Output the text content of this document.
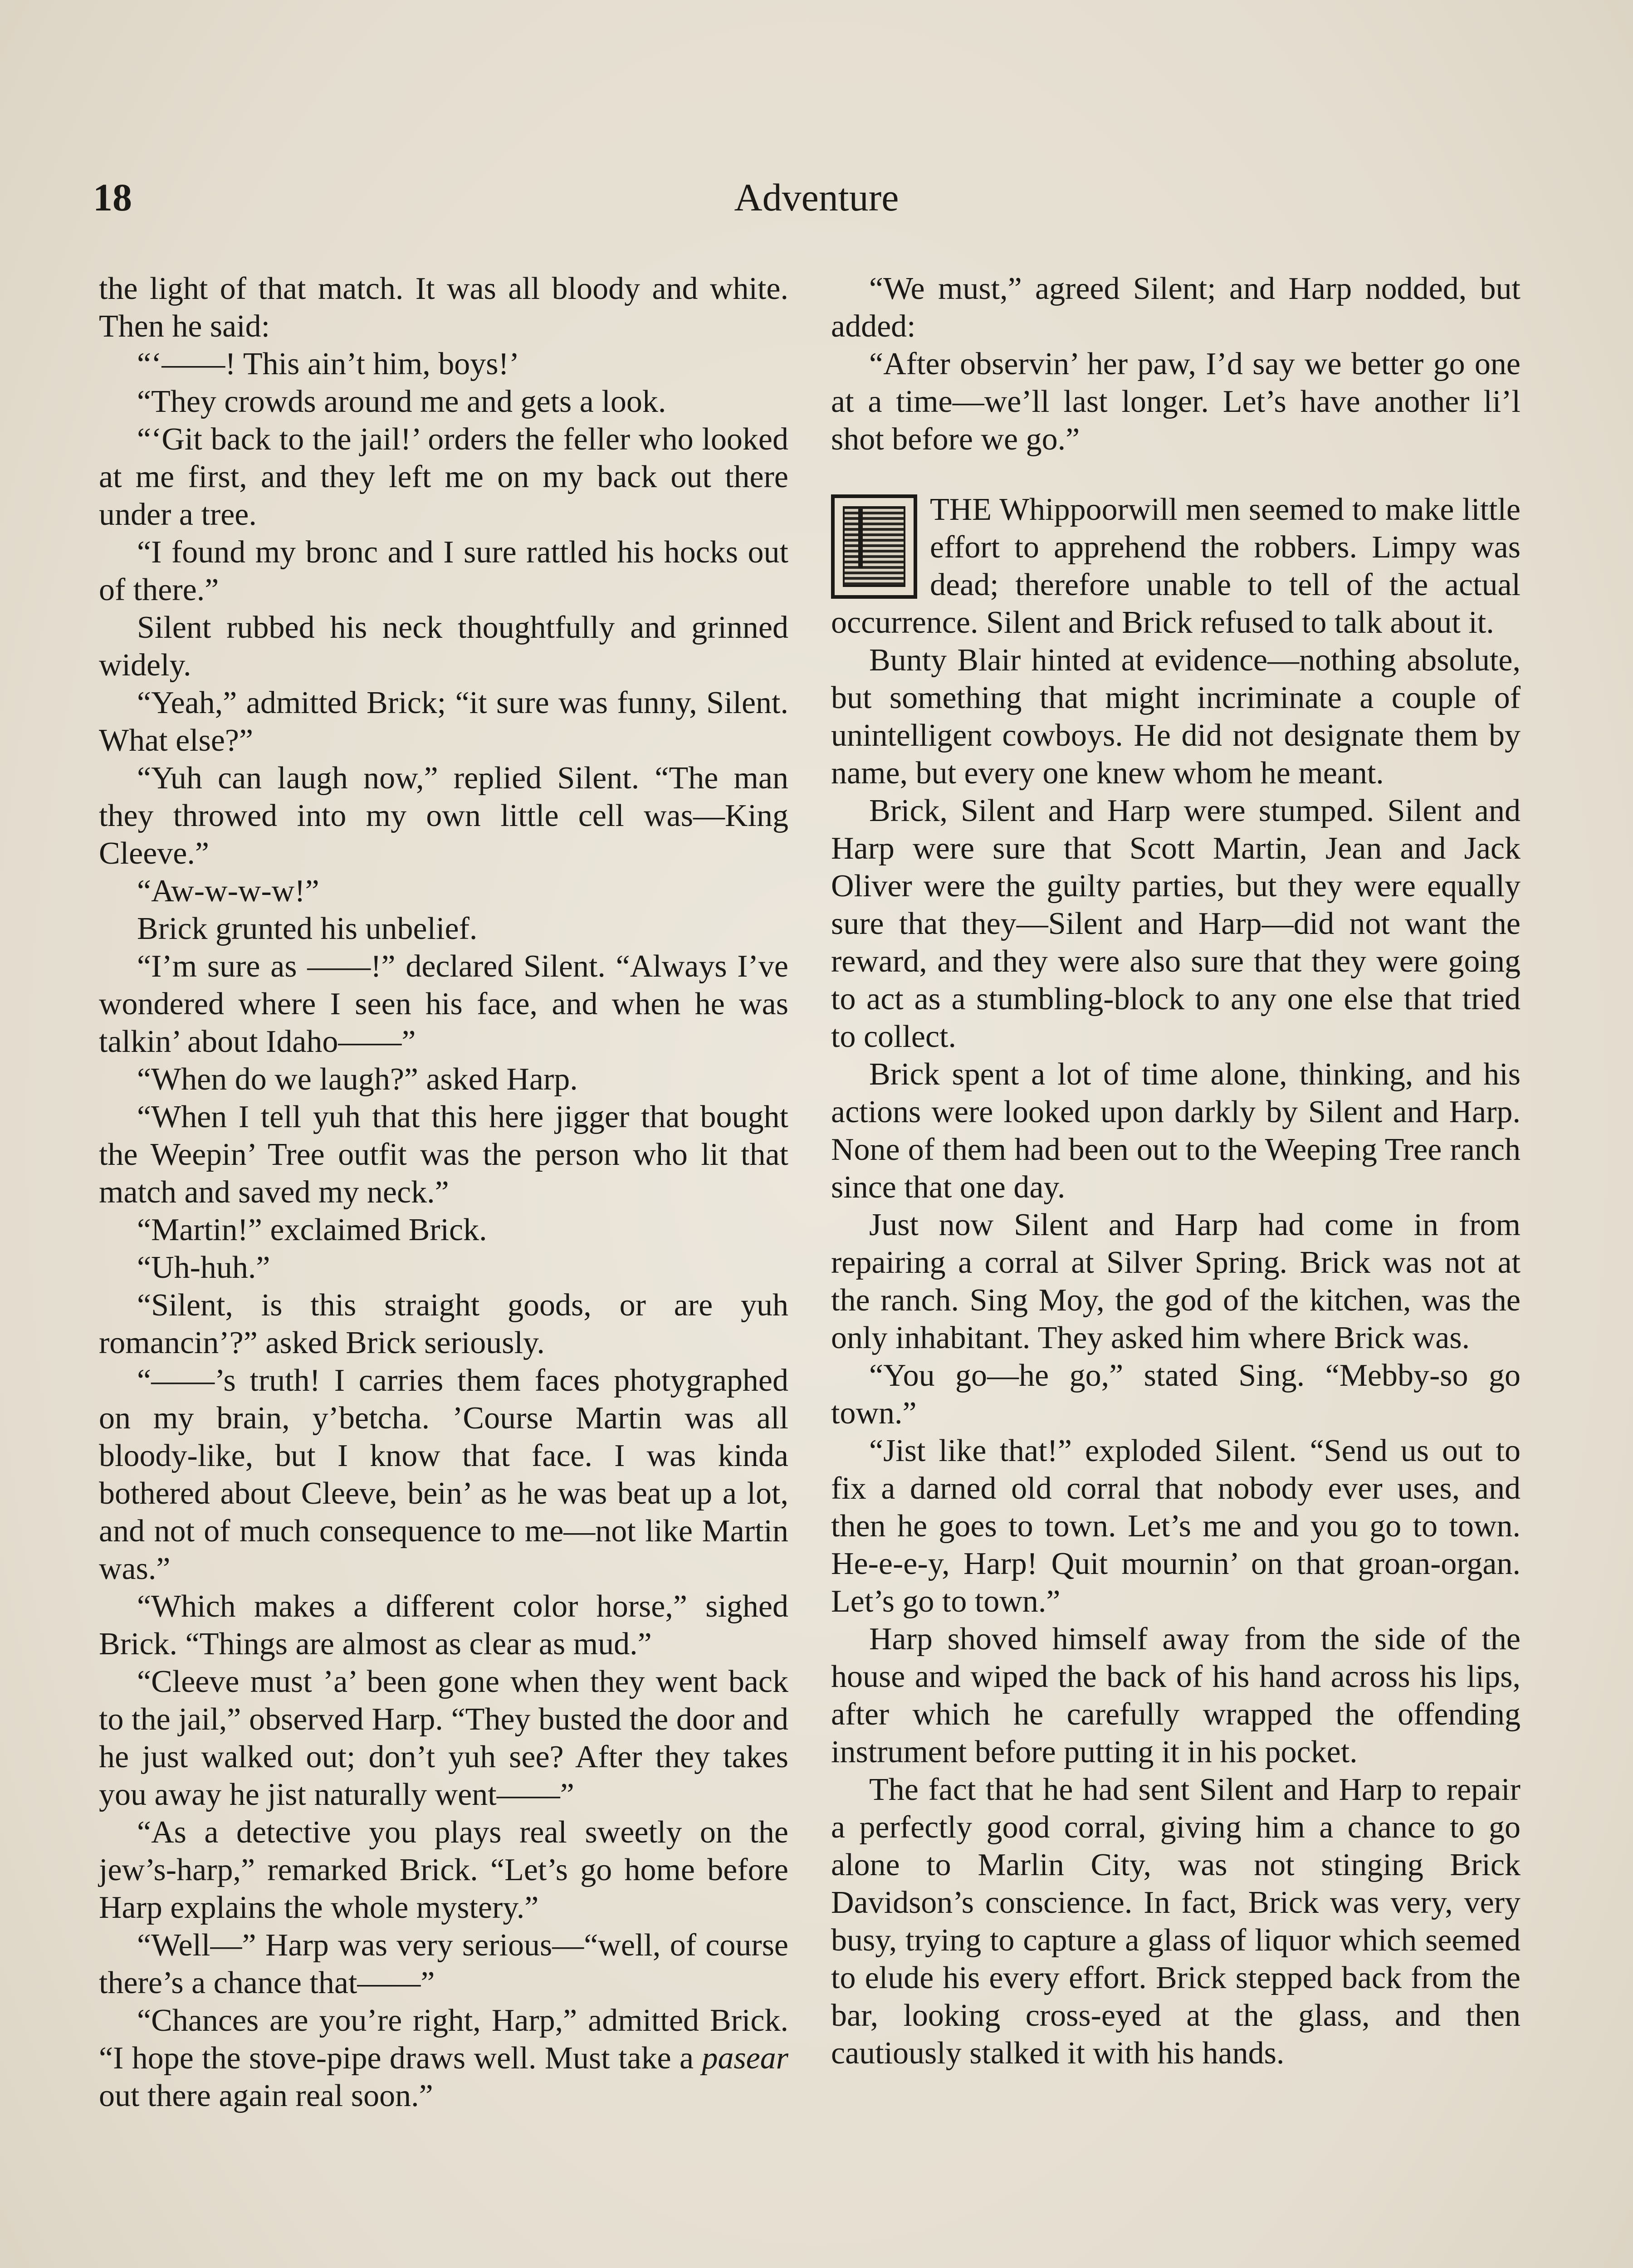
18	Adventure

the light of that match. It was all bloody and white. Then he said:

“‘——! This ain’t him, boys!’

“They crowds around me and gets a look.

“‘Git back to the jail!’ orders the feller who looked at me first, and they left me on my back out there under a tree.

“I found my bronc and I sure rattled his hocks out of there.”

Silent rubbed his neck thoughtfully and grinned widely.

“Yeah,” admitted Brick; “it sure was funny, Silent. What else?”

“Yuh can laugh now,” replied Silent. “The man they throwed into my own little cell was—King Cleeve.”

“Aw-w-w-w!”

Brick grunted his unbelief.

“I’m sure as ——!” declared Silent. “Always I’ve wondered where I seen his face, and when he was talkin’ about Idaho——”

“When do we laugh?” asked Harp.

“When I tell yuh that this here jigger that bought the Weepin’ Tree outfit was the person who lit that match and saved my neck.”

“Martin!” exclaimed Brick.

“Uh-huh.”

“Silent, is this straight goods, or are yuh romancin’?” asked Brick seriously.

“——’s truth! I carries them faces photygraphed on my brain, y’betcha. ’Course Martin was all bloody-like, but I know that face. I was kinda bothered about Cleeve, bein’ as he was beat up a lot, and not of much consequence to me—not like Martin was.”

“Which makes a different color horse,” sighed Brick. “Things are almost as clear as mud.”

“Cleeve must ’a’ been gone when they went back to the jail,” observed Harp. “They busted the door and he just walked out; don’t yuh see? After they takes you away he jist naturally went——”

“As a detective you plays real sweetly on the jew’s-harp,” remarked Brick. “Let’s go home before Harp explains the whole mystery.”

“Well—” Harp was very serious—“well, of course there’s a chance that——”

“Chances are you’re right, Harp,” admitted Brick. “I hope the stove-pipe draws well. Must take a pasear out there again real soon.”

“We must,” agreed Silent; and Harp nodded, but added:

“After observin’ her paw, I’d say we better go one at a time—we’ll last longer. Let’s have another li’l shot before we go.”

THE Whippoorwill men seemed to make little effort to apprehend the robbers. Limpy was dead; therefore unable to tell of the actual occurrence. Silent and Brick refused to talk about it.

Bunty Blair hinted at evidence—nothing absolute, but something that might incriminate a couple of unintelligent cowboys. He did not designate them by name, but every one knew whom he meant.

Brick, Silent and Harp were stumped. Silent and Harp were sure that Scott Martin, Jean and Jack Oliver were the guilty parties, but they were equally sure that they—Silent and Harp—did not want the reward, and they were also sure that they were going to act as a stumbling-block to any one else that tried to collect.

Brick spent a lot of time alone, thinking, and his actions were looked upon darkly by Silent and Harp. None of them had been out to the Weeping Tree ranch since that one day.

Just now Silent and Harp had come in from repairing a corral at Silver Spring. Brick was not at the ranch. Sing Moy, the god of the kitchen, was the only inhabitant. They asked him where Brick was.

“You go—he go,” stated Sing. “Mebby-so go town.”

“Jist like that!” exploded Silent. “Send us out to fix a darned old corral that nobody ever uses, and then he goes to town. Let’s me and you go to town. He-e-e-y, Harp! Quit mournin’ on that groan-organ. Let’s go to town.”

Harp shoved himself away from the side of the house and wiped the back of his hand across his lips, after which he carefully wrapped the offending instrument before putting it in his pocket.

The fact that he had sent Silent and Harp to repair a perfectly good corral, giving him a chance to go alone to Marlin City, was not stinging Brick Davidson’s conscience. In fact, Brick was very, very busy, trying to capture a glass of liquor which seemed to elude his every effort. Brick stepped back from the bar, looking cross-eyed at the glass, and then cautiously stalked it with his hands.
